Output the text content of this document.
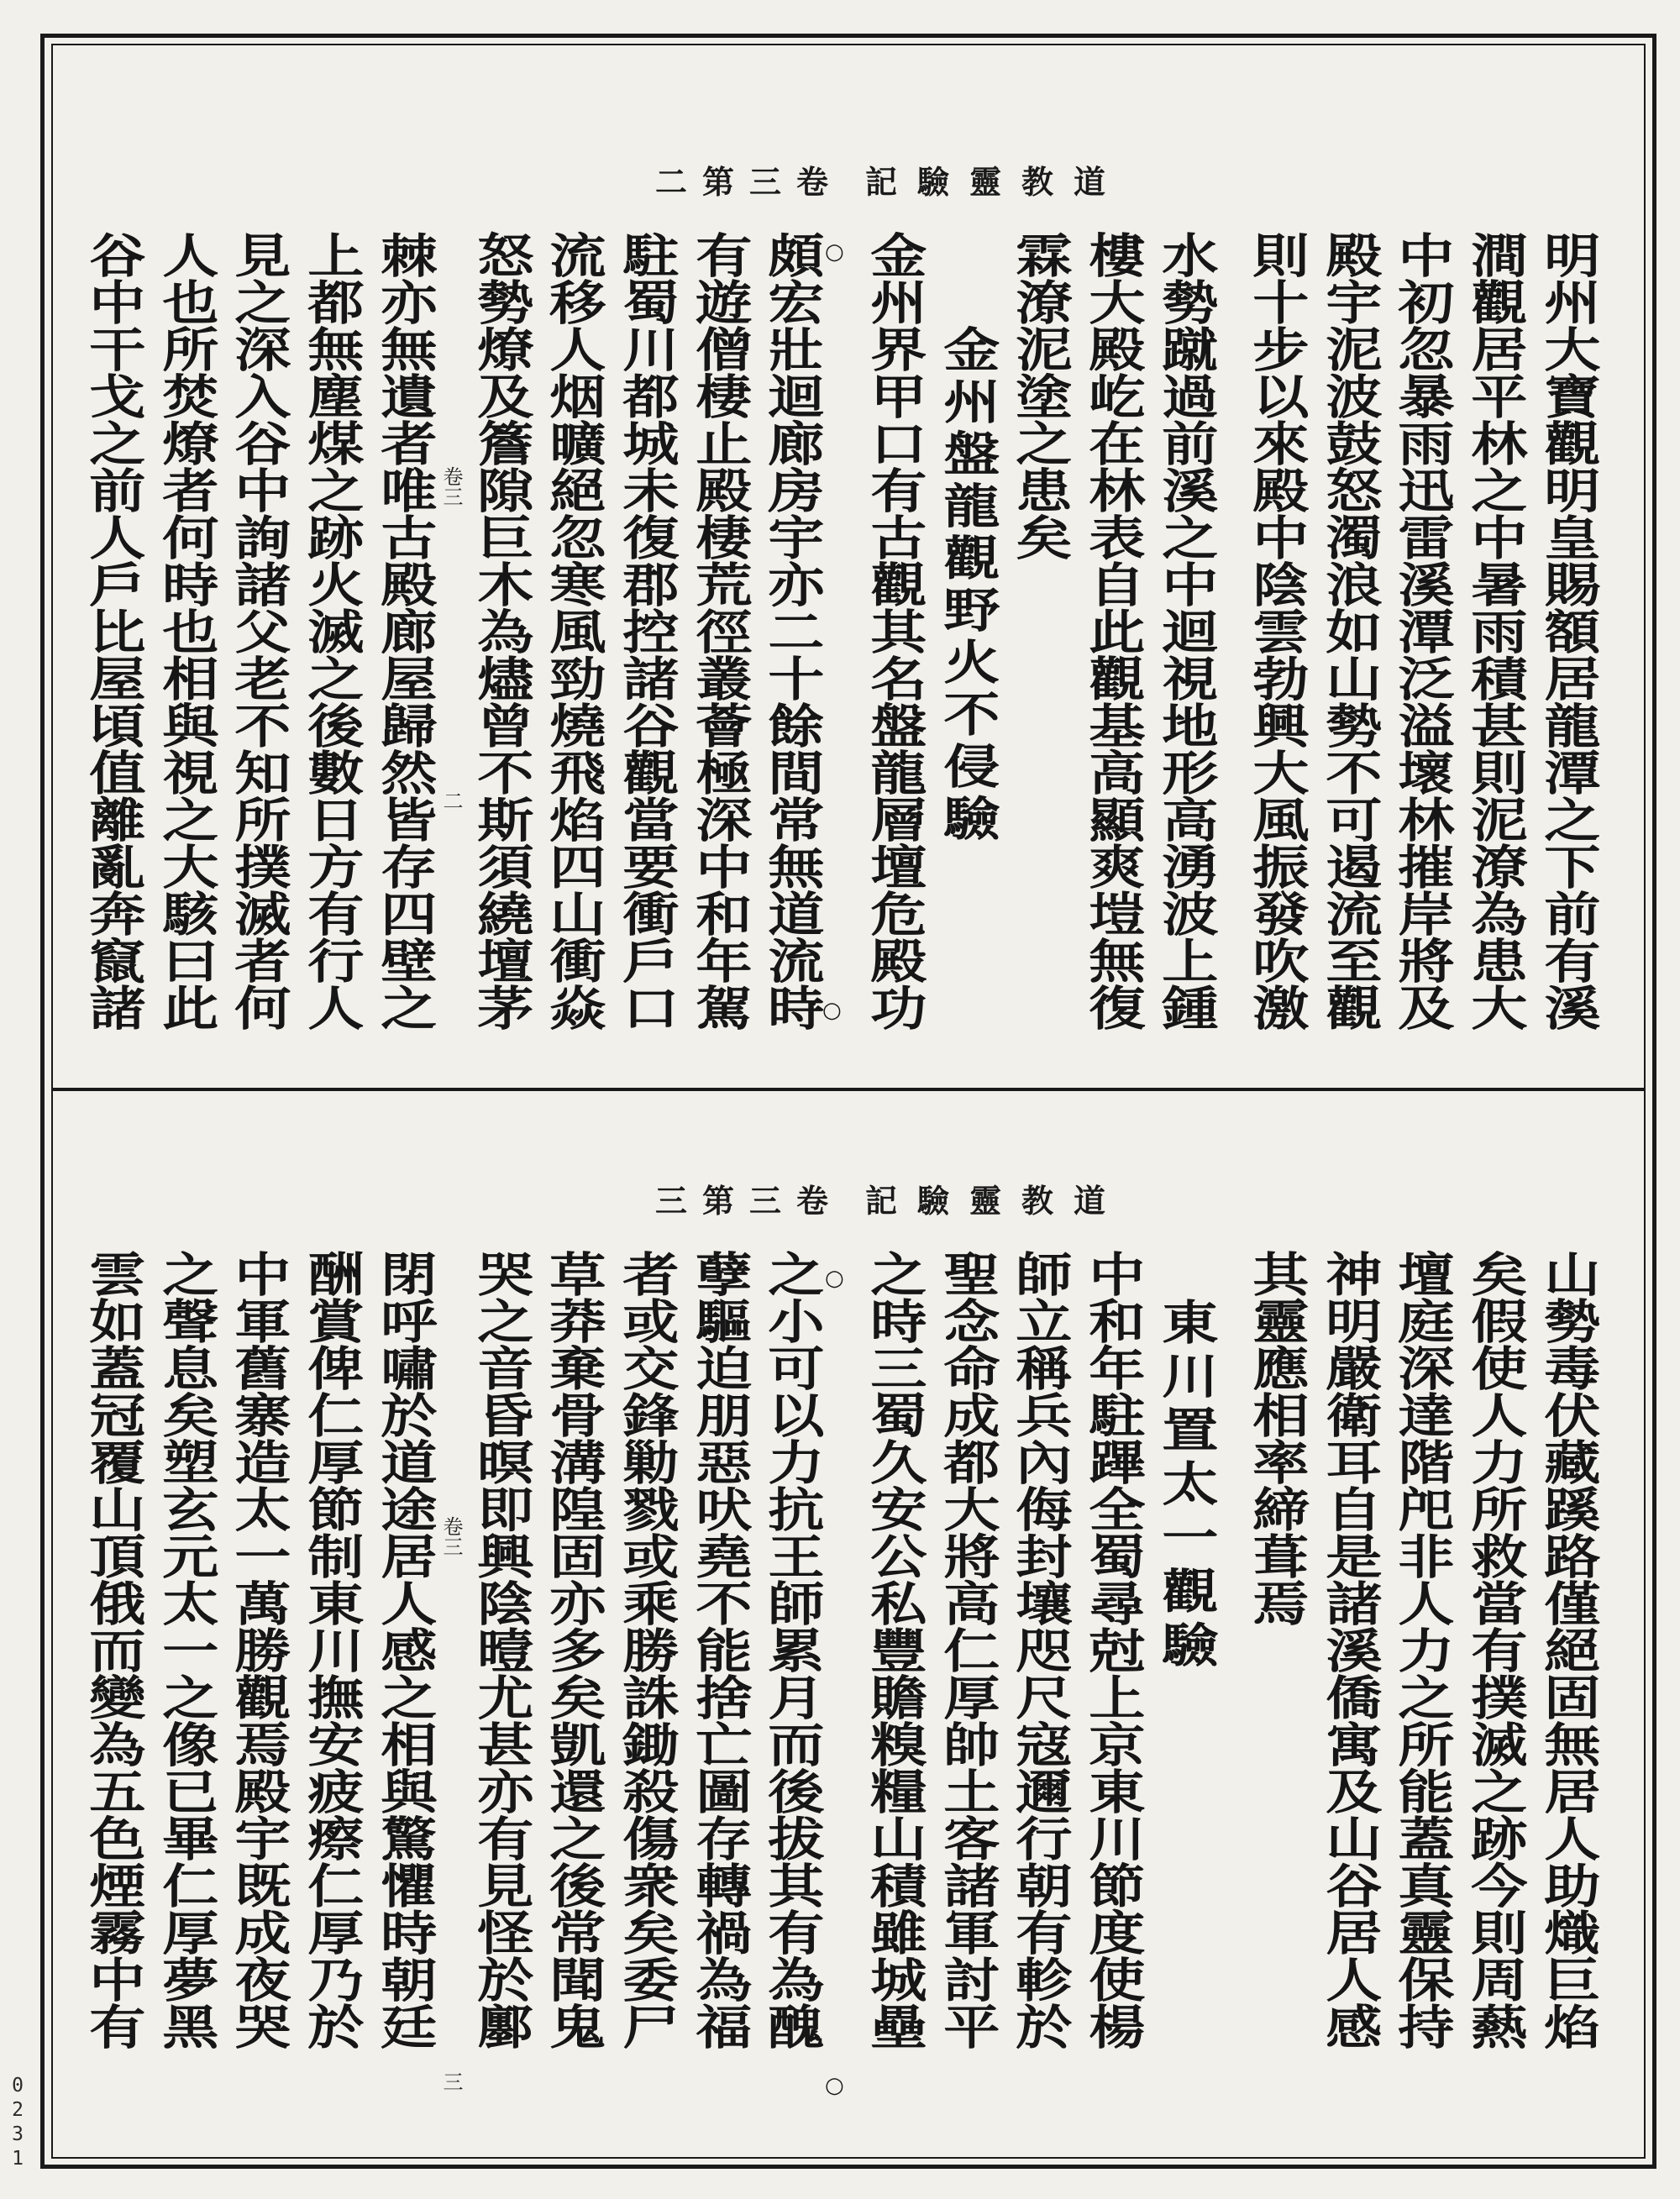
二第三卷 記驗靈教道
明州大寶觀明皇賜額居龍潭之下前有溪
澗觀居平林之中暑雨積甚則泥潦為患大
中初忽暴雨迅雷溪潭泛溢壞林摧岸將及
殿宇泥波鼓怒濁浪如山勢不可遏流至觀
則十步以來殿中陰雲勃興大風振發吹激
水勢蹴過前溪之中迴視地形高湧波上鍾
樓大殿屹在林表自此觀基高顯爽塏無復
霖潦泥塗之患矣
金州盤龍觀野火不侵驗
金州界甲口有古觀其名盤龍層壇危殿功
頗宏壯迴廊房宇亦二十餘間常無道流時
有遊僧棲止殿棲荒徑叢薈極深中和年駕
駐蜀川都城未復郡控諸谷觀當要衝戶口
流移人烟曠絕忽寒風勁燒飛焰四山衝焱
怒勢燎及簷隙巨木為燼曾不斯須繞壇茅
棘亦無遺者唯古殿廊屋歸然皆存四壁之
上都無塵煤之跡火滅之後數日方有行人
見之深入谷中詢諸父老不知所撲滅者何
人也所焚燎者何時也相與視之大駭曰此
谷中干戈之前人戶比屋頃值離亂奔竄諸	卷三
二
○
○
三第三卷 記驗靈教道
山勢毒伏藏蹊路僅絕固無居人助熾巨焰
矣假使人力所救當有撲滅之跡今則周爇
壇庭深達階戺非人力之所能蓋真靈保持
神明嚴衛耳自是諸溪僑寓及山谷居人感
其靈應相率締葺焉
東川置太一觀驗
中和年駐蹕全蜀尋尅上京東川節度使楊
師立稱兵內侮封壤咫尺寇邇行朝有軫於
聖念命成都大將高仁厚帥土客諸軍討平
之時三蜀久安公私豐贍糗糧山積雖城壘
之小可以力抗王師累月而後拔其有為醜
孽驅迫朋惡吠堯不能捨亡圖存轉禍為福
者或交鋒勦戮或乘勝誅鋤殺傷衆矣委尸
草莽棄骨溝隍固亦多矣凱還之後常聞鬼
哭之音昏暝即興陰曀尤甚亦有見怪於鄽
閉呼嘯於道途居人感之相與驚懼時朝廷
酬賞俾仁厚節制東川撫安疲瘵仁厚乃於
中軍舊寨造太一萬勝觀焉殿宇既成夜哭
之聲息矣塑玄元太一之像已畢仁厚夢黑
雲如蓋冠覆山頂俄而變為五色煙霧中有	卷三
三
○
○
0231
